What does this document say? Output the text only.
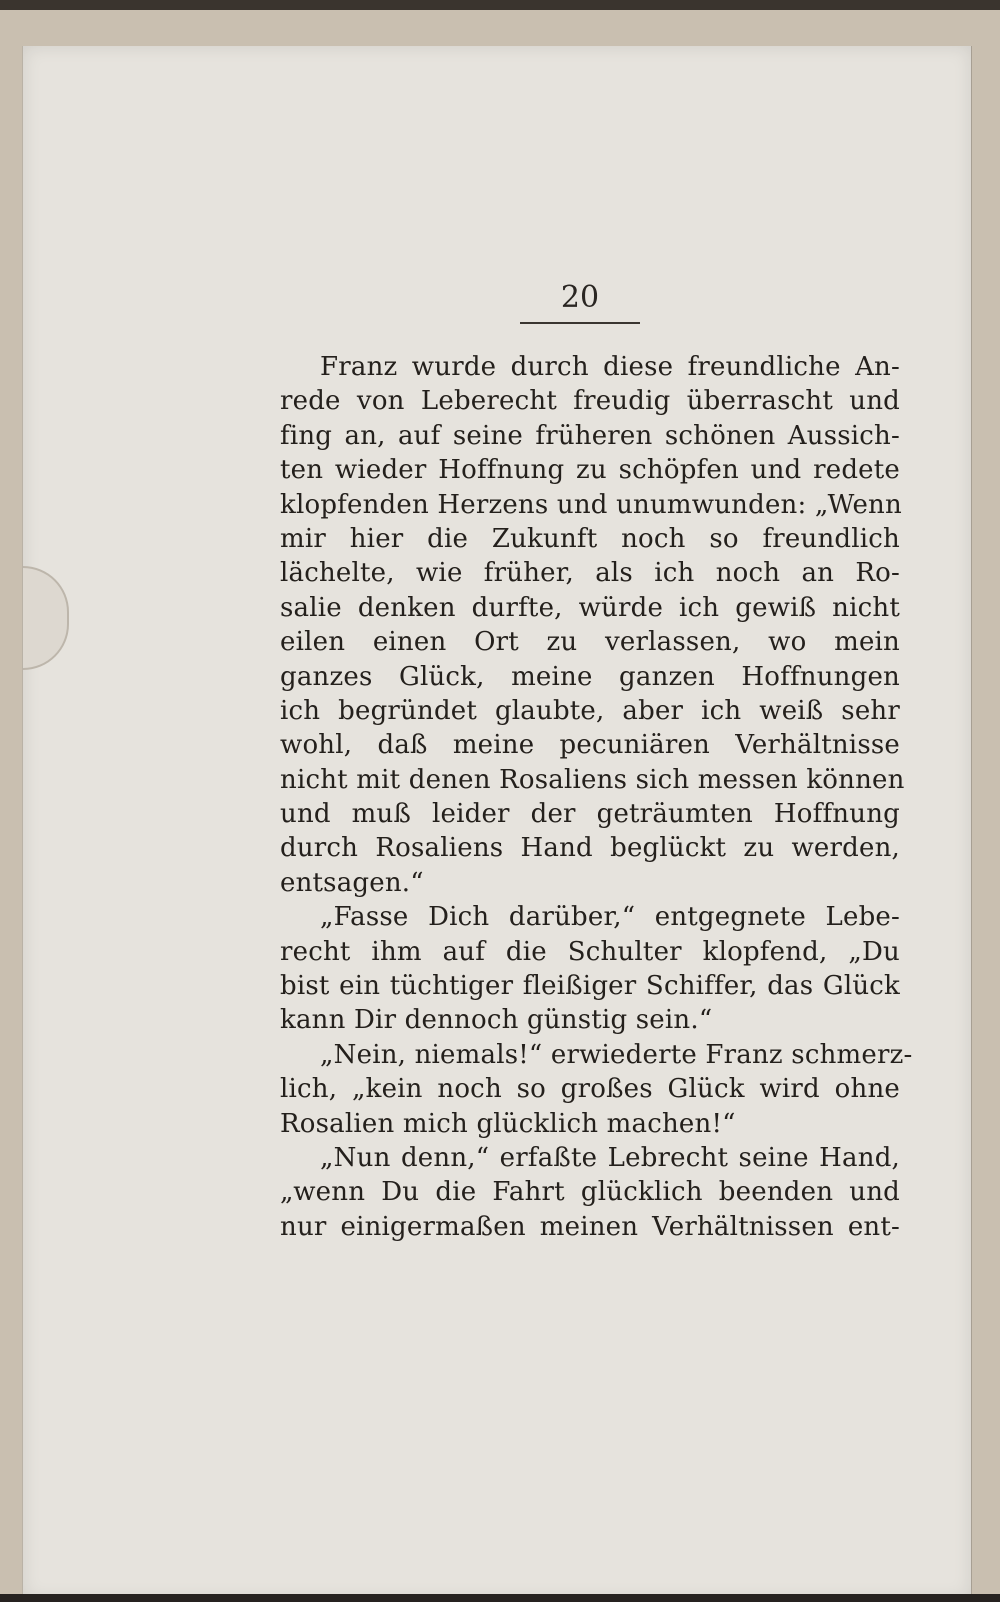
20

Franz wurde durch diese freundliche An-
rede von Leberecht freudig überrascht und
fing an, auf seine früheren schönen Aussich-
ten wieder Hoffnung zu schöpfen und redete
klopfenden Herzens und unumwunden: „Wenn
mir hier die Zukunft noch so freundlich
lächelte, wie früher, als ich noch an Ro-
salie denken durfte, würde ich gewiß nicht
eilen einen Ort zu verlassen, wo mein
ganzes Glück, meine ganzen Hoffnungen
ich begründet glaubte, aber ich weiß sehr
wohl, daß meine pecuniären Verhältnisse
nicht mit denen Rosaliens sich messen können
und muß leider der geträumten Hoffnung
durch Rosaliens Hand beglückt zu werden,
entsagen.“
„Fasse Dich darüber,“ entgegnete Lebe-
recht ihm auf die Schulter klopfend, „Du
bist ein tüchtiger fleißiger Schiffer, das Glück
kann Dir dennoch günstig sein.“
„Nein, niemals!“ erwiederte Franz schmerz-
lich, „kein noch so großes Glück wird ohne
Rosalien mich glücklich machen!“
„Nun denn,“ erfaßte Lebrecht seine Hand,
„wenn Du die Fahrt glücklich beenden und
nur einigermaßen meinen Verhältnissen ent-
